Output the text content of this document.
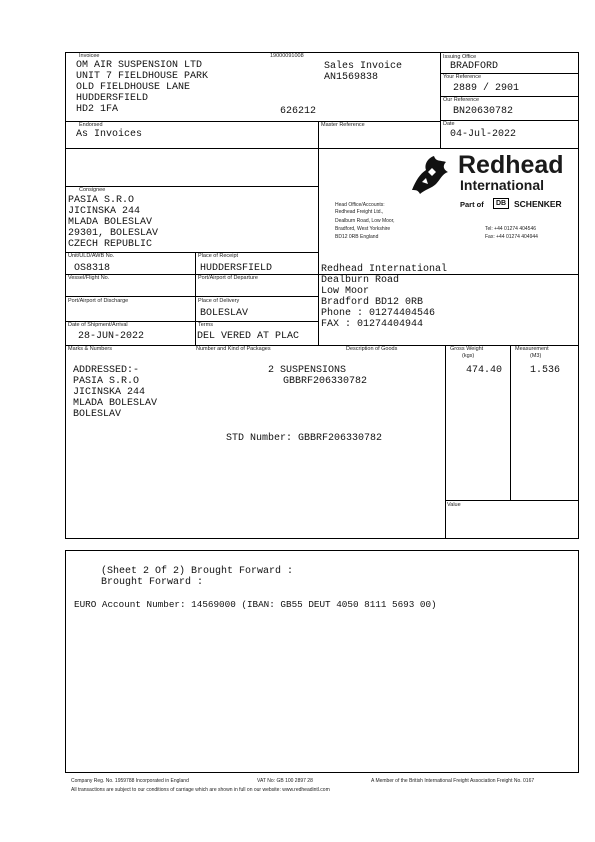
Invoicee	19000091008
OM AIR SUSPENSION LTD
UNIT 7 FIELDHOUSE PARK
OLD FIELDHOUSE LANE
HUDDERSFIELD
HD2 1FA	626212
Sales Invoice
AN1569838
Issuing Office
BRADFORD
Your Reference
2889 / 2901
Our Reference
BN20630782
Date
04-Jul-2022
Endorsed
As Invoices
Master Reference
Redhead
International
Part of	DB SCHENKER
Head Office/Accounts:
Redhead Freight Ltd.,
Dealburn Road, Low Moor,
Bradford, West Yorkshire
BD12 0RB England
Tel: +44 01274 404546
Fax: +44 01274 404944
Consignee
PASIA S.R.O
JICINSKA 244
MLADA BOLESLAV
29301, BOLESLAV
CZECH REPUBLIC
Unit/ULD/AWB No.
OS8318
Place of Receipt
HUDDERSFIELD
Vessel/Flight No.	Port/Airport of Departure
Redhead International
Dealburn Road
Low Moor
Bradford BD12 0RB
Phone : 01274404546
FAX : 01274404944
Port/Airport of Discharge	Place of Delivery
BOLESLAV
Date of Shipment/Arrival
28-JUN-2022
Terms
DEL VERED AT PLAC
Marks & Numbers	Number and Kind of Packages	Description of Goods	Gross Weight
(kgs)
Measurement
(M3)
ADDRESSED:-
PASIA S.R.O
JICINSKA 244
MLADA BOLESLAV
BOLESLAV
2 SUSPENSIONS
GBBRF206330782
474.40	1.536
STD Number: GBBRF206330782
Value
(Sheet 2 Of 2) Brought Forward :
Brought Forward :
EURO Account Number: 14569000 (IBAN: GB55 DEUT 4050 8111 5693 00)
Company Reg. No. 1959788 Incorporated in England	VAT No: GB 100 2897 28	A Member of the British International Freight Association Freight No. 0167
All transactions are subject to our conditions of carriage which are shown in full on our website: www.redheadintl.com
